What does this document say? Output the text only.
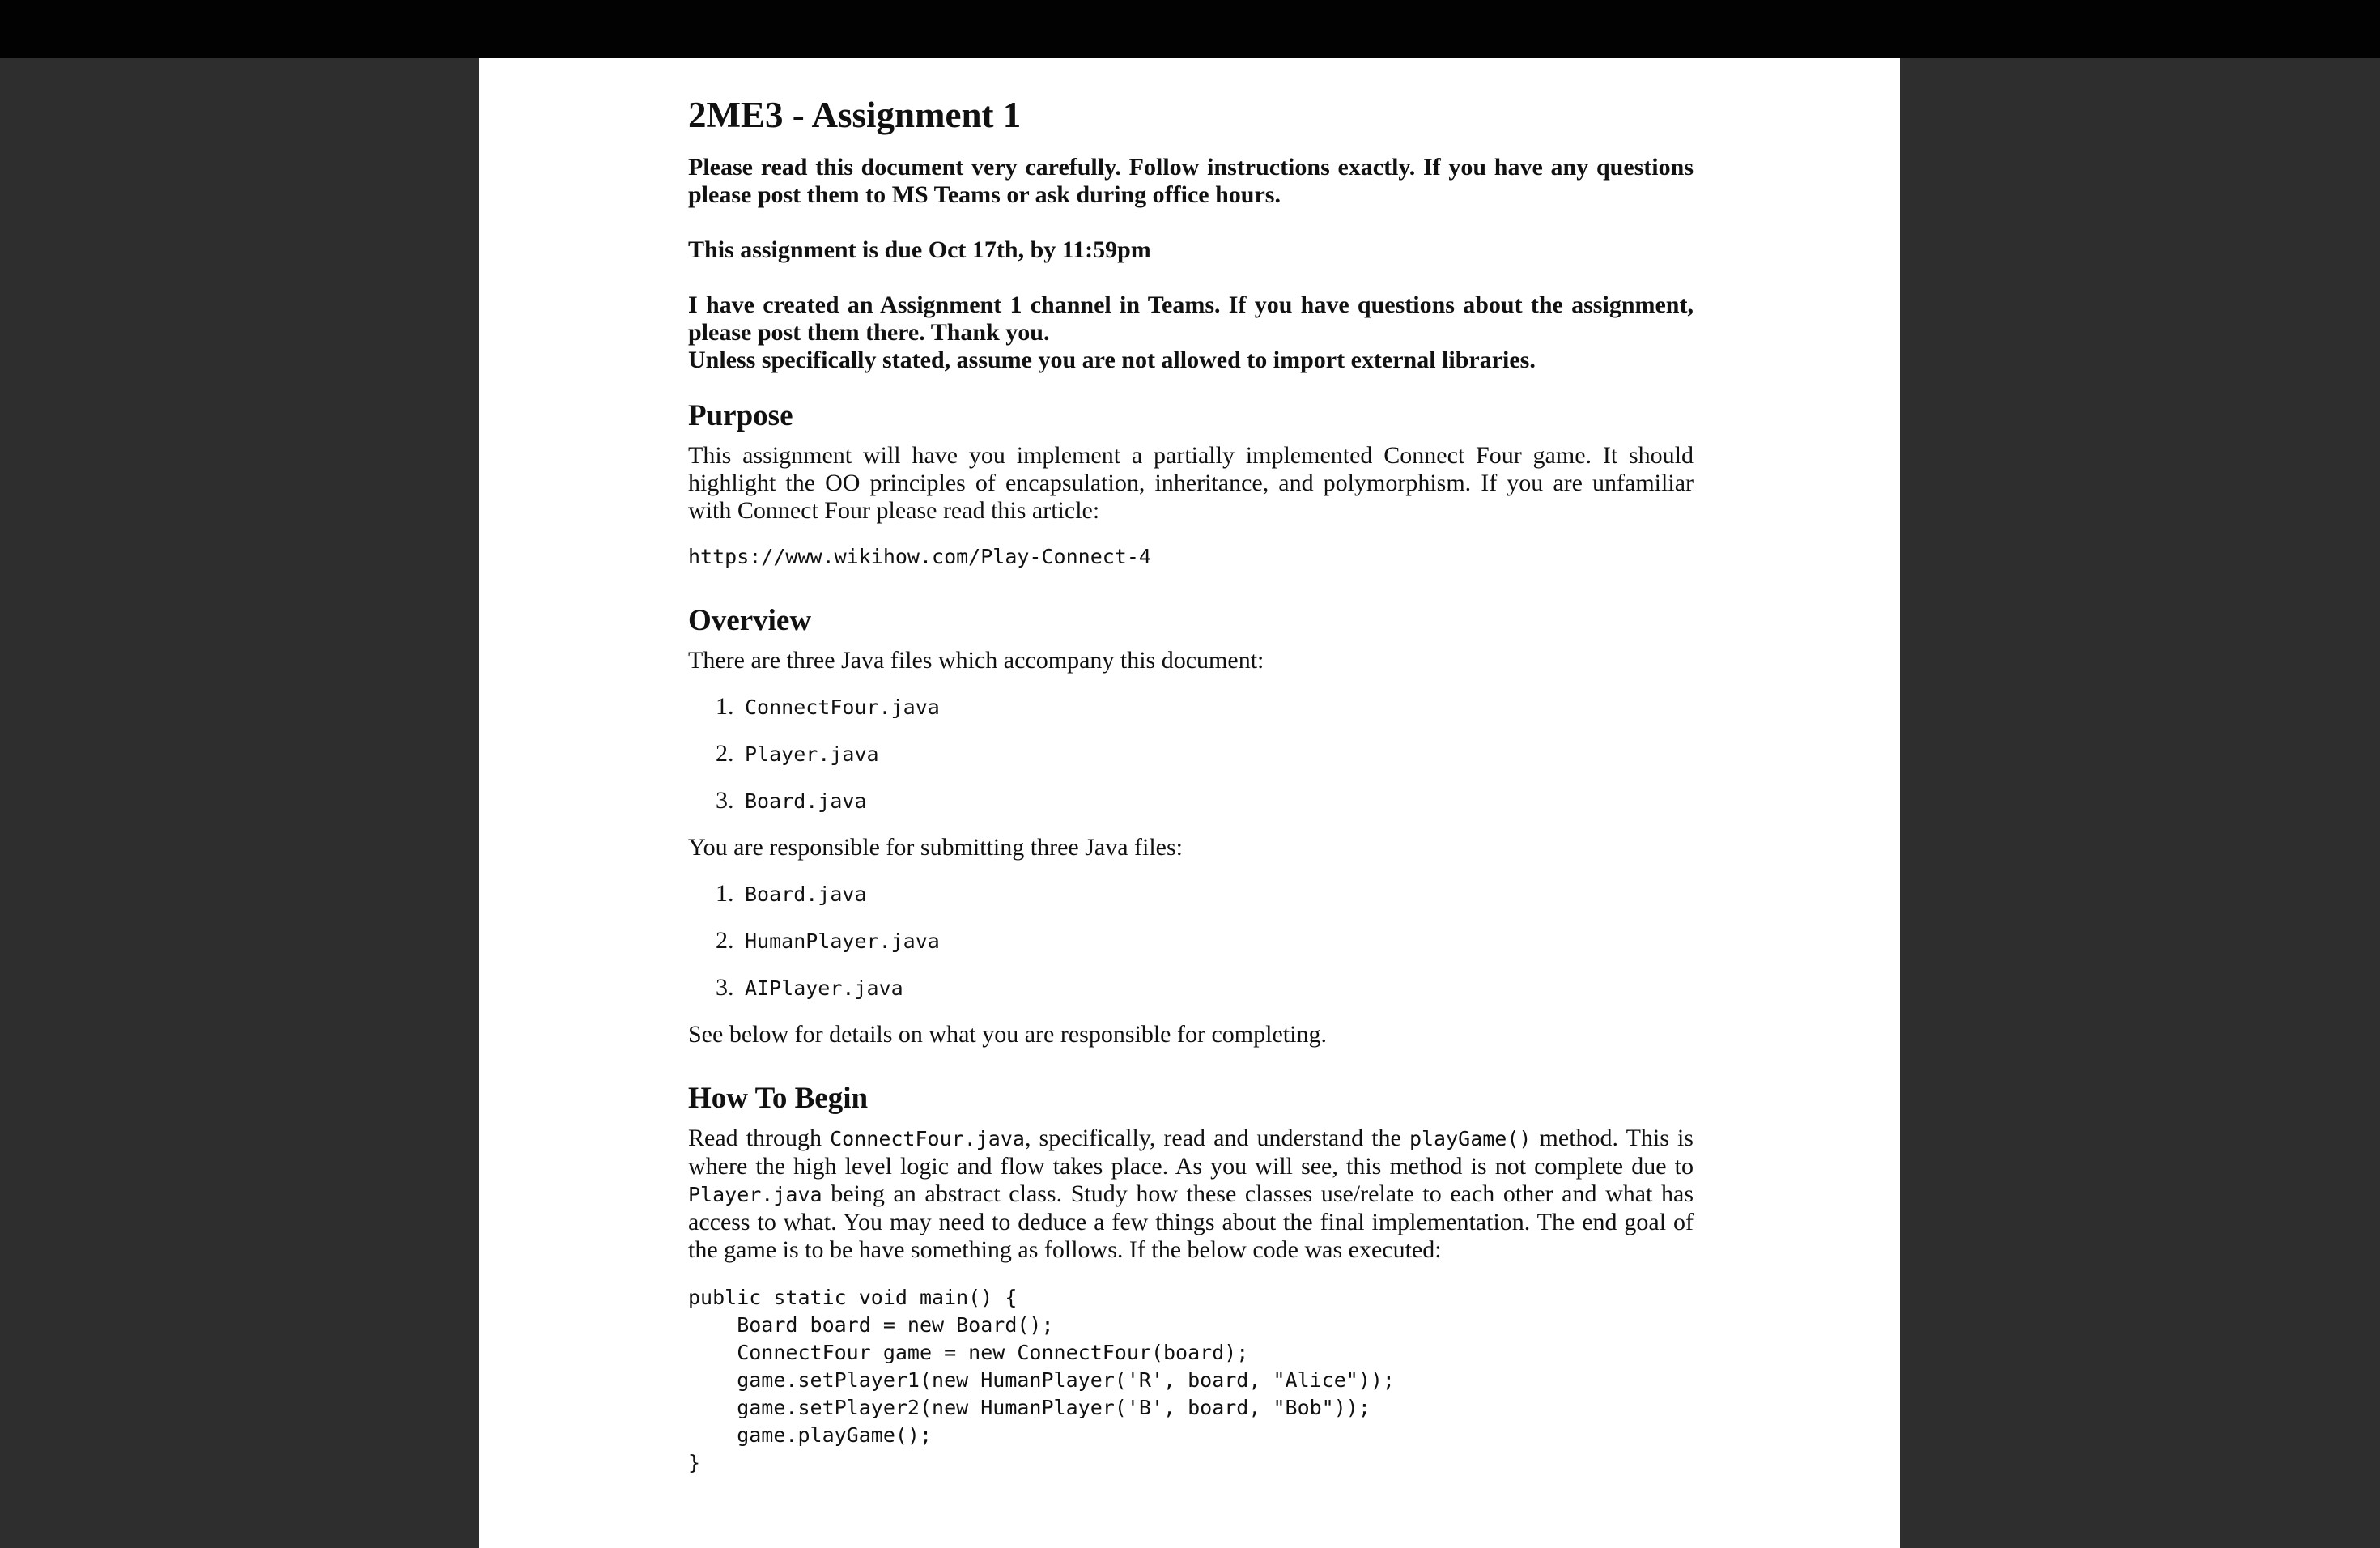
2ME3 - Assignment 1

Please read this document very carefully. Follow instructions exactly. If you have any questions please post them to MS Teams or ask during office hours.

This assignment is due Oct 17th, by 11:59pm

I have created an Assignment 1 channel in Teams. If you have questions about the assignment, please post them there. Thank you.

Unless specifically stated, assume you are not allowed to import external libraries.

Purpose

This assignment will have you implement a partially implemented Connect Four game. It should highlight the OO principles of encapsulation, inheritance, and polymorphism. If you are unfamiliar with Connect Four please read this article:

https://www.wikihow.com/Play-Connect-4

Overview

There are three Java files which accompany this document:

1. ConnectFour.java
2. Player.java
3. Board.java

You are responsible for submitting three Java files:

1. Board.java
2. HumanPlayer.java
3. AIPlayer.java

See below for details on what you are responsible for completing.

How To Begin

Read through ConnectFour.java, specifically, read and understand the playGame() method. This is where the high level logic and flow takes place. As you will see, this method is not complete due to Player.java being an abstract class. Study how these classes use/relate to each other and what has access to what. You may need to deduce a few things about the final implementation. The end goal of the game is to be have something as follows. If the below code was executed:

public static void main() {
Board board = new Board();
ConnectFour game = new ConnectFour(board);
game.setPlayer1(new HumanPlayer('R', board, "Alice"));
game.setPlayer2(new HumanPlayer('B', board, "Bob"));
game.playGame();
}
